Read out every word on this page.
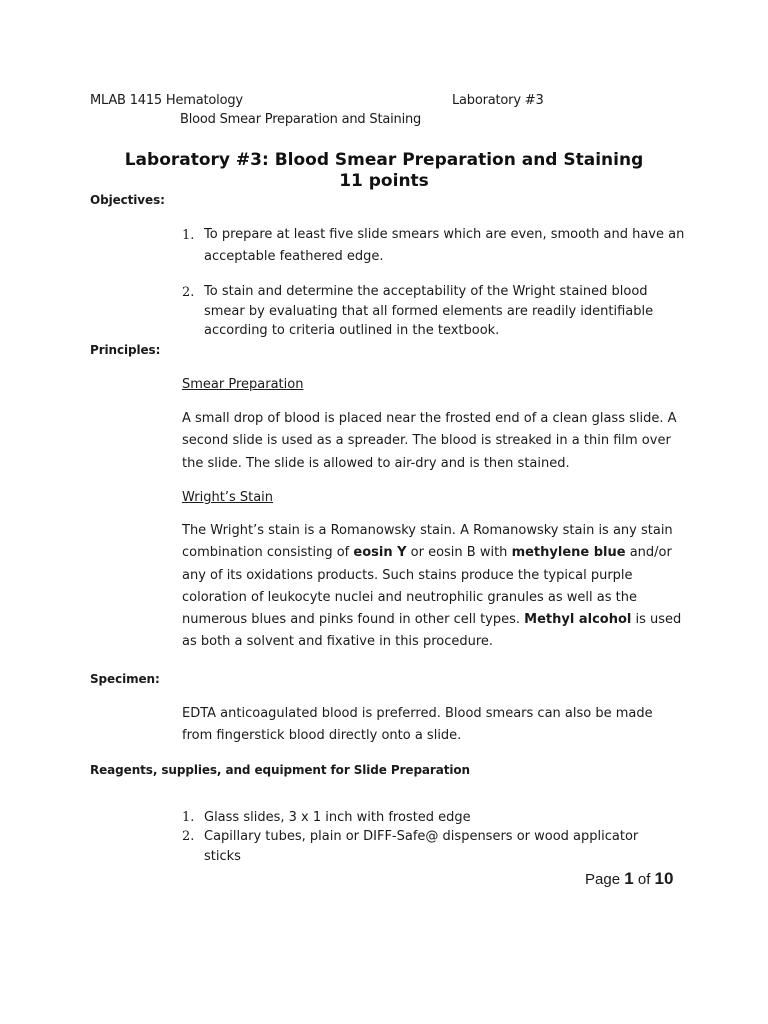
MLAB 1415 Hematology	Laboratory #3
Blood Smear Preparation and Staining
Laboratory #3: Blood Smear Preparation and Staining
11 points
Objectives:
1. To prepare at least five slide smears which are even, smooth and have an acceptable feathered edge.
2. To stain and determine the acceptability of the Wright stained blood smear by evaluating that all formed elements are readily identifiable according to criteria outlined in the textbook.
Principles:
Smear Preparation
A small drop of blood is placed near the frosted end of a clean glass slide. A second slide is used as a spreader. The blood is streaked in a thin film over the slide. The slide is allowed to air-dry and is then stained.
Wright’s Stain
The Wright’s stain is a Romanowsky stain. A Romanowsky stain is any stain combination consisting of eosin Y or eosin B with methylene blue and/or any of its oxidations products. Such stains produce the typical purple coloration of leukocyte nuclei and neutrophilic granules as well as the numerous blues and pinks found in other cell types. Methyl alcohol is used as both a solvent and fixative in this procedure.
Specimen:
EDTA anticoagulated blood is preferred. Blood smears can also be made from fingerstick blood directly onto a slide.
Reagents, supplies, and equipment for Slide Preparation
1. Glass slides, 3 x 1 inch with frosted edge
2. Capillary tubes, plain or DIFF-Safe@ dispensers or wood applicator sticks
Page 1 of 10
